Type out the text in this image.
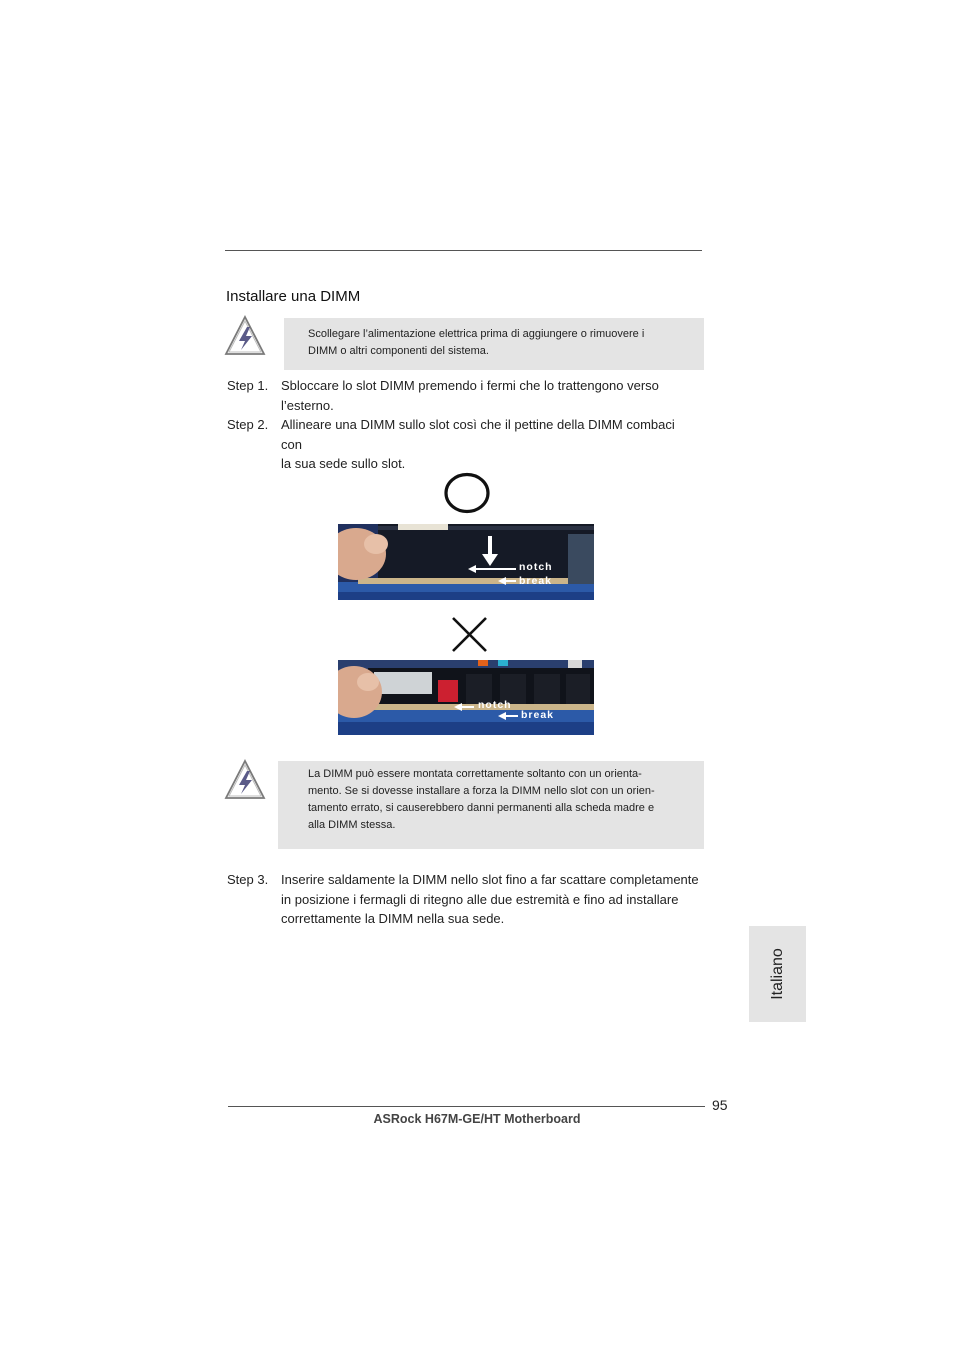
Installare una DIMM
Scollegare l’alimentazione elettrica prima di aggiungere o rimuovere i
DIMM o altri componenti del sistema.
Step 1. Sbloccare lo slot DIMM premendo i fermi che lo trattengono verso
l’esterno.
Step 2. Allineare una DIMM sullo slot così che il pettine della DIMM combaci con
la sua sede sullo slot.
notch
break
notch
break
La DIMM può essere montata correttamente soltanto con un orienta-
mento. Se si dovesse installare a forza la DIMM nello slot con un orien-
tamento errato, si causerebbero danni permanenti alla scheda madre e
alla DIMM stessa.
Step 3. Inserire saldamente la DIMM nello slot fino a far scattare completamente
in posizione i fermagli di ritegno alle due estremità e fino ad installare
correttamente la DIMM nella sua sede.
Italiano
95
ASRock H67M-GE/HT Motherboard
